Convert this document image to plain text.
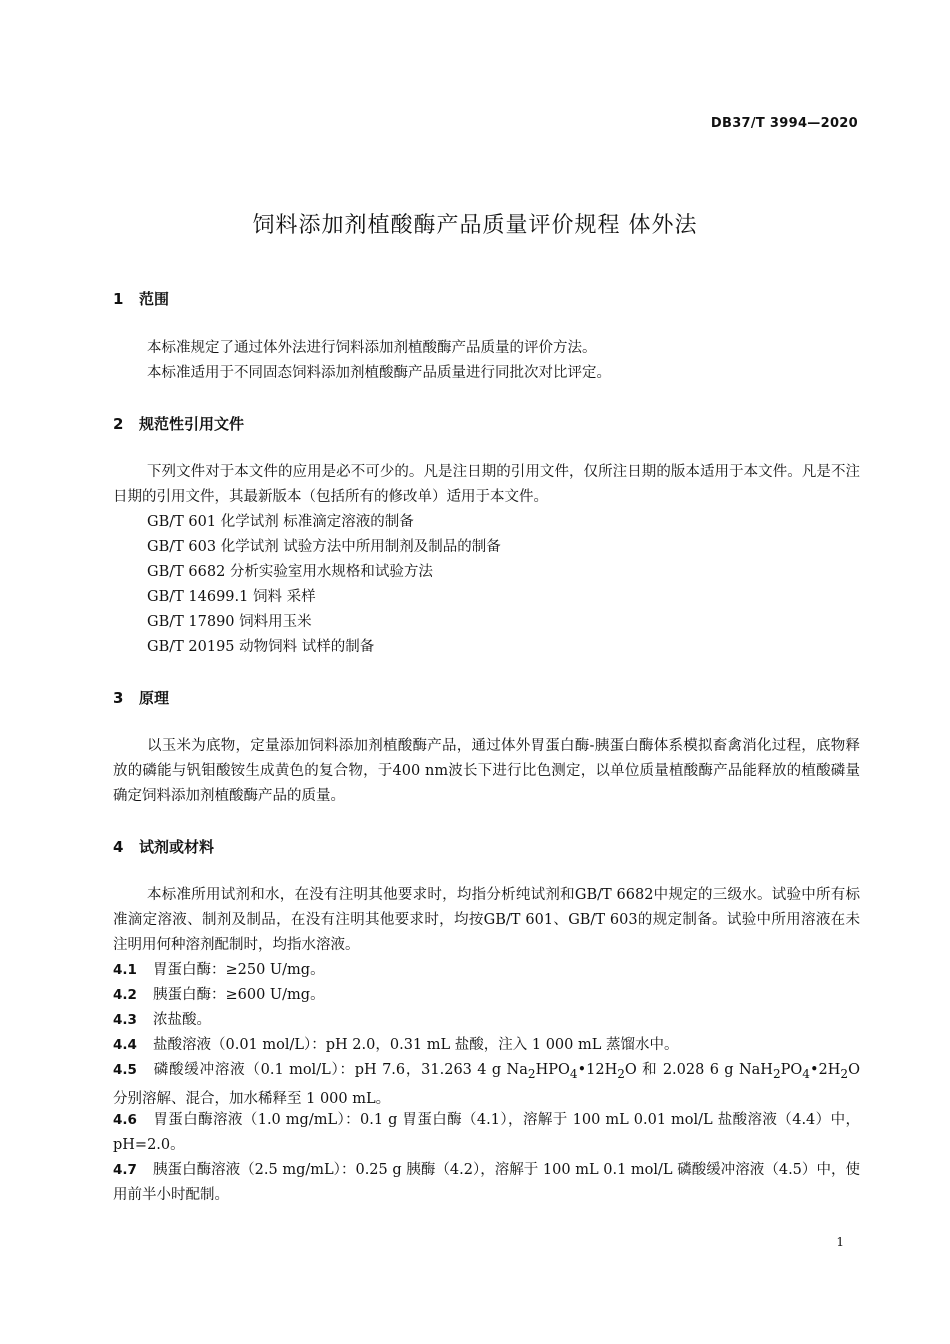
DB37/T 3994—2020
饲料添加剂植酸酶产品质量评价规程 体外法
1 范围

本标准规定了通过体外法进行饲料添加剂植酸酶产品质量的评价方法。

本标准适用于不同固态饲料添加剂植酸酶产品质量进行同批次对比评定。

2 规范性引用文件

下列文件对于本文件的应用是必不可少的。凡是注日期的引用文件，仅所注日期的版本适用于本文件。凡是不注日期的引用文件，其最新版本（包括所有的修改单）适用于本文件。

GB/T 601 化学试剂 标准滴定溶液的制备

GB/T 603 化学试剂 试验方法中所用制剂及制品的制备

GB/T 6682 分析实验室用水规格和试验方法

GB/T 14699.1 饲料 采样

GB/T 17890 饲料用玉米

GB/T 20195 动物饲料 试样的制备

3 原理

以玉米为底物，定量添加饲料添加剂植酸酶产品，通过体外胃蛋白酶-胰蛋白酶体系模拟畜禽消化过程，底物释放的磷能与钒钼酸铵生成黄色的复合物，于400 nm波长下进行比色测定，以单位质量植酸酶产品能释放的植酸磷量确定饲料添加剂植酸酶产品的质量。

4 试剂或材料

本标准所用试剂和水，在没有注明其他要求时，均指分析纯试剂和GB/T 6682中规定的三级水。试验中所有标准滴定溶液、制剂及制品，在没有注明其他要求时，均按GB/T 601、GB/T 603的规定制备。试验中所用溶液在未注明用何种溶剂配制时，均指水溶液。

4.1 胃蛋白酶：≥250 U/mg。

4.2 胰蛋白酶：≥600 U/mg。

4.3 浓盐酸。

4.4 盐酸溶液（0.01 mol/L）：pH 2.0，0.31 mL 盐酸，注入 1 000 mL 蒸馏水中。

4.5 磷酸缓冲溶液（0.1 mol/L）：pH 7.6，31.263 4 g $Na_2HPO_4•12H_2O$ 和 2.028 6 g $NaH_2PO_4•2H_2O$ 分别溶解、混合，加水稀释至 1 000 mL。

4.6 胃蛋白酶溶液（1.0 mg/mL）：0.1 g 胃蛋白酶（4.1），溶解于 100 mL 0.01 mol/L 盐酸溶液（4.4）中，pH=2.0。

4.7 胰蛋白酶溶液（2.5 mg/mL）：0.25 g 胰酶（4.2），溶解于 100 mL 0.1 mol/L 磷酸缓冲溶液（4.5）中，使用前半小时配制。

1
